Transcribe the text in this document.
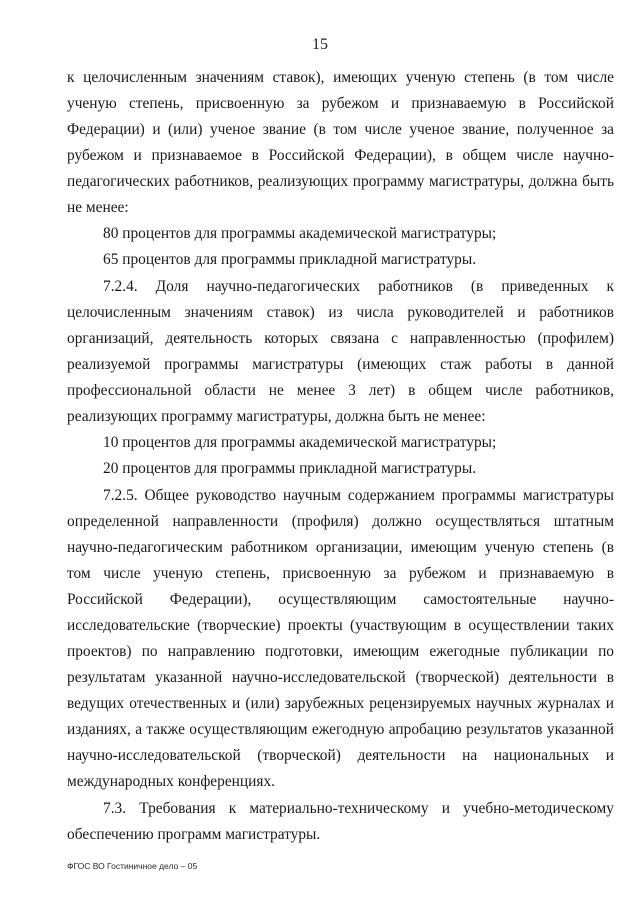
15

к целочисленным значениям ставок), имеющих ученую степень (в том числе ученую степень, присвоенную за рубежом и признаваемую в Российской Федерации) и (или) ученое звание (в том числе ученое звание, полученное за рубежом и признаваемое в Российской Федерации), в общем числе научно-педагогических работников, реализующих программу магистратуры, должна быть не менее:

80 процентов для программы академической магистратуры;

65 процентов для программы прикладной магистратуры.

7.2.4. Доля научно-педагогических работников (в приведенных к целочисленным значениям ставок) из числа руководителей и работников организаций, деятельность которых связана с направленностью (профилем) реализуемой программы магистратуры (имеющих стаж работы в данной профессиональной области не менее 3 лет) в общем числе работников, реализующих программу магистратуры, должна быть не менее:

10 процентов для программы академической магистратуры;

20 процентов для программы прикладной магистратуры.

7.2.5. Общее руководство научным содержанием программы магистратуры определенной направленности (профиля) должно осуществляться штатным научно-педагогическим работником организации, имеющим ученую степень (в том числе ученую степень, присвоенную за рубежом и признаваемую в Российской Федерации), осуществляющим самостоятельные научно-исследовательские (творческие) проекты (участвующим в осуществлении таких проектов) по направлению подготовки, имеющим ежегодные публикации по результатам указанной научно-исследовательской (творческой) деятельности в ведущих отечественных и (или) зарубежных рецензируемых научных журналах и изданиях, а также осуществляющим ежегодную апробацию результатов указанной научно-исследовательской (творческой) деятельности на национальных и международных конференциях.

7.3. Требования к материально-техническому и учебно-методическому обеспечению программ магистратуры.

ФГОС ВО Гостиничное дело – 05
